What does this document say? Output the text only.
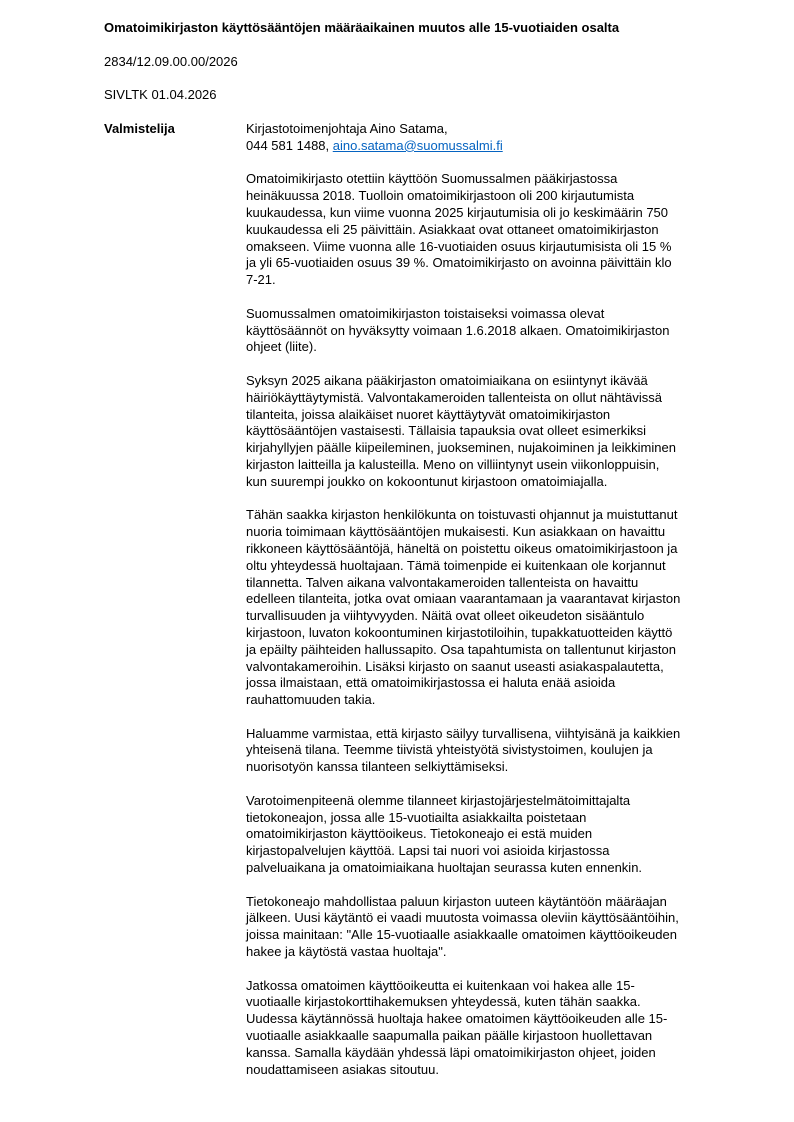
Omatoimikirjaston käyttösääntöjen määräaikainen muutos alle 15-vuotiaiden osalta
2834/12.09.00.00/2026
SIVLTK 01.04.2026
Valmistelija	Kirjastotoimenjohtaja Aino Satama,
044 581 1488, aino.satama@suomussalmi.fi
Omatoimikirjasto otettiin käyttöön Suomussalmen pääkirjastossa
heinäkuussa 2018. Tuolloin omatoimikirjastoon oli 200 kirjautumista
kuukaudessa, kun viime vuonna 2025 kirjautumisia oli jo keskimäärin 750
kuukaudessa eli 25 päivittäin. Asiakkaat ovat ottaneet omatoimikirjaston
omakseen. Viime vuonna alle 16-vuotiaiden osuus kirjautumisista oli 15 %
ja yli 65-vuotiaiden osuus 39 %. Omatoimikirjasto on avoinna päivittäin klo
7-21.
Suomussalmen omatoimikirjaston toistaiseksi voimassa olevat
käyttösäännöt on hyväksytty voimaan 1.6.2018 alkaen. Omatoimikirjaston
ohjeet (liite).
Syksyn 2025 aikana pääkirjaston omatoimiaikana on esiintynyt ikävää
häiriökäyttäytymistä. Valvontakameroiden tallenteista on ollut nähtävissä
tilanteita, joissa alaikäiset nuoret käyttäytyvät omatoimikirjaston
käyttösääntöjen vastaisesti. Tällaisia tapauksia ovat olleet esimerkiksi
kirjahyllyjen päälle kiipeileminen, juokseminen, nujakoiminen ja leikkiminen
kirjaston laitteilla ja kalusteilla. Meno on villiintynyt usein viikonloppuisin,
kun suurempi joukko on kokoontunut kirjastoon omatoimiajalla.
Tähän saakka kirjaston henkilökunta on toistuvasti ohjannut ja muistuttanut
nuoria toimimaan käyttösääntöjen mukaisesti. Kun asiakkaan on havaittu
rikkoneen käyttösääntöjä, häneltä on poistettu oikeus omatoimikirjastoon ja
oltu yhteydessä huoltajaan. Tämä toimenpide ei kuitenkaan ole korjannut
tilannetta. Talven aikana valvontakameroiden tallenteista on havaittu
edelleen tilanteita, jotka ovat omiaan vaarantamaan ja vaarantavat kirjaston
turvallisuuden ja viihtyvyyden. Näitä ovat olleet oikeudeton sisääntulo
kirjastoon, luvaton kokoontuminen kirjastotiloihin, tupakkatuotteiden käyttö
ja epäilty päihteiden hallussapito. Osa tapahtumista on tallentunut kirjaston
valvontakameroihin. Lisäksi kirjasto on saanut useasti asiakaspalautetta,
jossa ilmaistaan, että omatoimikirjastossa ei haluta enää asioida
rauhattomuuden takia.
Haluamme varmistaa, että kirjasto säilyy turvallisena, viihtyisänä ja kaikkien
yhteisenä tilana. Teemme tiivistä yhteistyötä sivistystoimen, koulujen ja
nuorisotyön kanssa tilanteen selkiyttämiseksi.
Varotoimenpiteenä olemme tilanneet kirjastojärjestelmätoimittajalta
tietokoneajon, jossa alle 15-vuotiailta asiakkailta poistetaan
omatoimikirjaston käyttöoikeus. Tietokoneajo ei estä muiden
kirjastopalvelujen käyttöä. Lapsi tai nuori voi asioida kirjastossa
palveluaikana ja omatoimiaikana huoltajan seurassa kuten ennenkin.
Tietokoneajo mahdollistaa paluun kirjaston uuteen käytäntöön määräajan
jälkeen. Uusi käytäntö ei vaadi muutosta voimassa oleviin käyttösääntöihin,
joissa mainitaan: "Alle 15-vuotiaalle asiakkaalle omatoimen käyttöoikeuden
hakee ja käytöstä vastaa huoltaja".
Jatkossa omatoimen käyttöoikeutta ei kuitenkaan voi hakea alle 15-
vuotiaalle kirjastokorttihakemuksen yhteydessä, kuten tähän saakka.
Uudessa käytännössä huoltaja hakee omatoimen käyttöoikeuden alle 15-
vuotiaalle asiakkaalle saapumalla paikan päälle kirjastoon huollettavan
kanssa. Samalla käydään yhdessä läpi omatoimikirjaston ohjeet, joiden
noudattamiseen asiakas sitoutuu.
